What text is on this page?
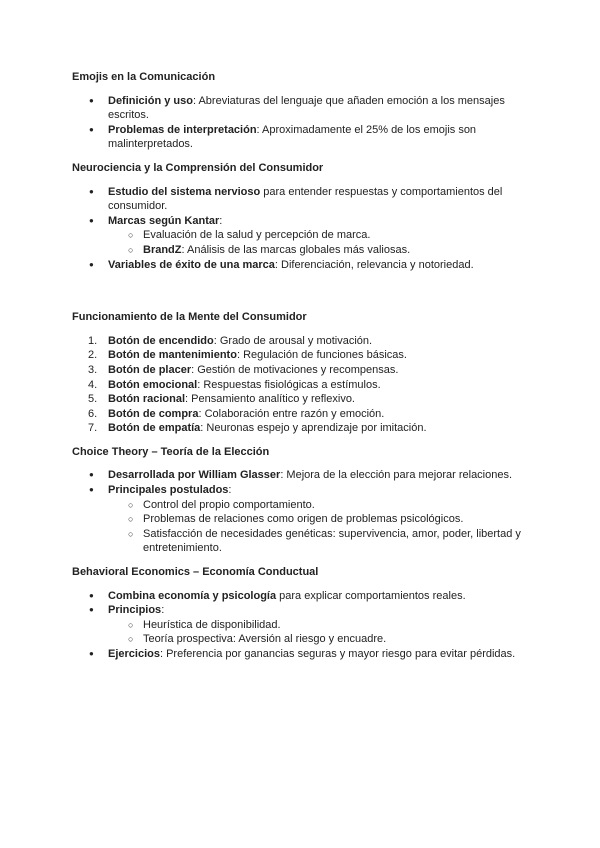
Emojis en la Comunicación
● Definición y uso: Abreviaturas del lenguaje que añaden emoción a los mensajes escritos.
● Problemas de interpretación: Aproximadamente el 25% de los emojis son malinterpretados.
Neurociencia y la Comprensión del Consumidor
● Estudio del sistema nervioso para entender respuestas y comportamientos del consumidor.
● Marcas según Kantar:
○ Evaluación de la salud y percepción de marca.
○ BrandZ: Análisis de las marcas globales más valiosas.
● Variables de éxito de una marca: Diferenciación, relevancia y notoriedad.
Funcionamiento de la Mente del Consumidor
1. Botón de encendido: Grado de arousal y motivación.
2. Botón de mantenimiento: Regulación de funciones básicas.
3. Botón de placer: Gestión de motivaciones y recompensas.
4. Botón emocional: Respuestas fisiológicas a estímulos.
5. Botón racional: Pensamiento analítico y reflexivo.
6. Botón de compra: Colaboración entre razón y emoción.
7. Botón de empatía: Neuronas espejo y aprendizaje por imitación.
Choice Theory – Teoría de la Elección
● Desarrollada por William Glasser: Mejora de la elección para mejorar relaciones.
● Principales postulados:
○ Control del propio comportamiento.
○ Problemas de relaciones como origen de problemas psicológicos.
○ Satisfacción de necesidades genéticas: supervivencia, amor, poder, libertad y entretenimiento.
Behavioral Economics – Economía Conductual
● Combina economía y psicología para explicar comportamientos reales.
● Principios:
○ Heurística de disponibilidad.
○ Teoría prospectiva: Aversión al riesgo y encuadre.
● Ejercicios: Preferencia por ganancias seguras y mayor riesgo para evitar pérdidas.
